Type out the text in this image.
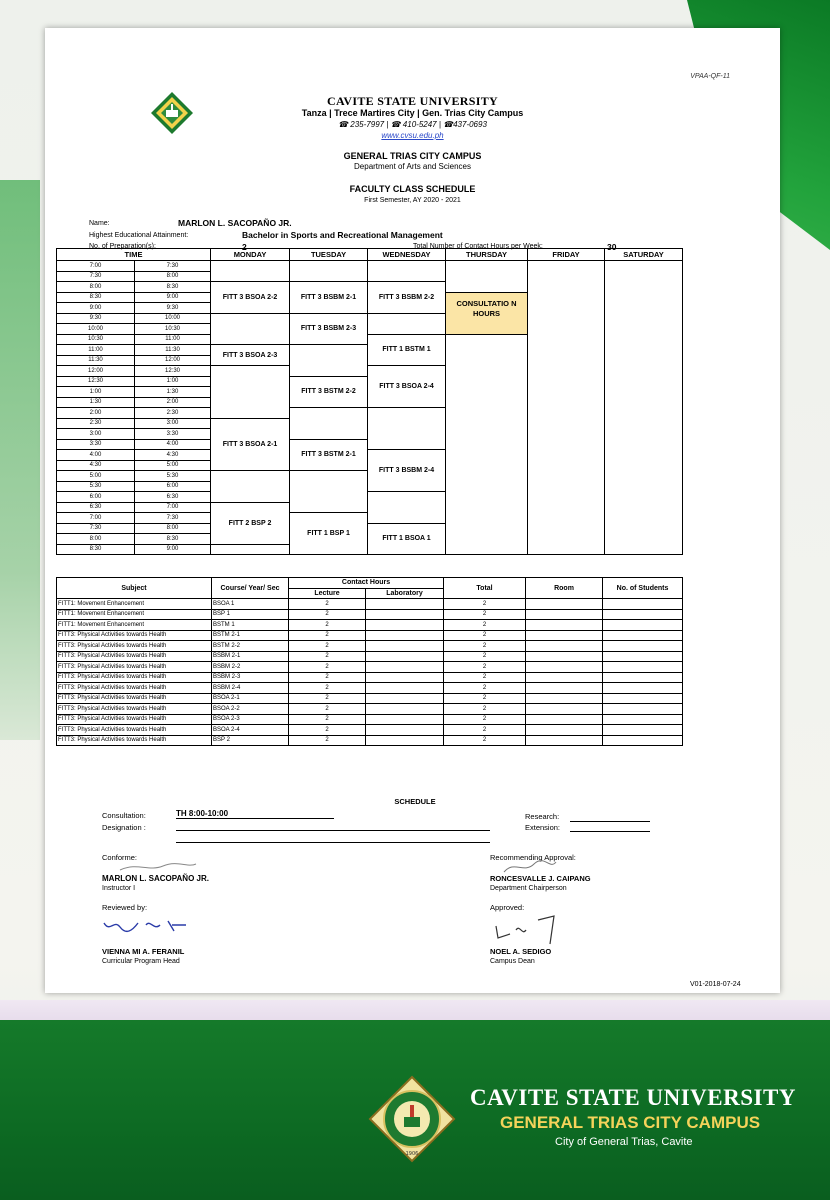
VPAA-QF-11
CAVITE STATE UNIVERSITY
Tanza | Trece Martires City | Gen. Trias City Campus
☎ 235-7997 | ☎ 410-5247 | ☎437-0693
www.cvsu.edu.ph
GENERAL TRIAS CITY CAMPUS
Department of Arts and Sciences
FACULTY CLASS SCHEDULE
First Semester, AY 2020 - 2021
Name:	MARLON L. SACOPAÑO JR.
Highest Educational Attainment:	Bachelor in Sports and Recreational Management
No. of Preparation(s):	2	Total Number of Contact Hours per Week:	30
TIME		MONDAY	TUESDAY	WEDNESDAY	THURSDAY	FRIDAY	SATURDAY
7:00	7:30						
7:30	8:00						
8:00	8:30	FITT 3 BSOA 2-2	FITT 3 BSBM 2-1	FITT 3 BSBM 2-2			
8:30	9:00				CONSULTATIO N HOURS		
9:00	9:30						
9:30	10:00		FITT 3 BSBM 2-3				
10:00	10:30						
10:30	11:00			FITT 1 BSTM 1			
11:00	11:30	FITT 3 BSOA 2-3					
11:30	12:00						
12:00	12:30			FITT 3 BSOA 2-4			
12:30	1:00		FITT 3 BSTM 2-2				
1:00	1:30						
1:30	2:00						
2:00	2:30						
2:30	3:00	FITT 3 BSOA 2-1					
3:00	3:30						
3:30	4:00		FITT 3 BSTM 2-1				
4:00	4:30			FITT 3 BSBM 2-4			
4:30	5:00						
5:00	5:30						
5:30	6:00						
6:00	6:30						
6:30	7:00	FITT 2 BSP 2					
7:00	7:30		FITT 1 BSP 1				
7:30	8:00			FITT 1 BSOA 1			
8:00	8:30						
8:30	9:00						
Subject	Course/ Year/ Sec	Contact Hours		Total	Room	No. of Students
		Lecture	Laboratory			
FITT1: Movement Enhancement	BSOA 1	2		2		
FITT1: Movement Enhancement	BSP 1	2		2		
FITT1: Movement Enhancement	BSTM 1	2		2		
FITT3: Physical Activities towards Health	BSTM 2-1	2		2		
FITT3: Physical Activities towards Health	BSTM 2-2	2		2		
FITT3: Physical Activities towards Health	BSBM 2-1	2		2		
FITT3: Physical Activities towards Health	BSBM 2-2	2		2		
FITT3: Physical Activities towards Health	BSBM 2-3	2		2		
FITT3: Physical Activities towards Health	BSBM 2-4	2		2		
FITT3: Physical Activities towards Health	BSOA 2-1	2		2		
FITT3: Physical Activities towards Health	BSOA 2-2	2		2		
FITT3: Physical Activities towards Health	BSOA 2-3	2		2		
FITT3: Physical Activities towards Health	BSOA 2-4	2		2		
FITT3: Physical Activities towards Health	BSP 2	2		2		
SCHEDULE
Consultation:	TH 8:00-10:00
Designation :
Research:
Extension:
Conforme:
MARLON L. SACOPAÑO JR.
Instructor I
Reviewed by:
VIENNA MI A. FERANIL
Curricular Program Head
Recommending Approval:
RONCESVALLE J. CAIPANG
Department Chairperson
Approved:
NOEL A. SEDIGO
Campus Dean
V01-2018-07-24
1906
CAVITE STATE UNIVERSITY
GENERAL TRIAS CITY CAMPUS
City of General Trias, Cavite
